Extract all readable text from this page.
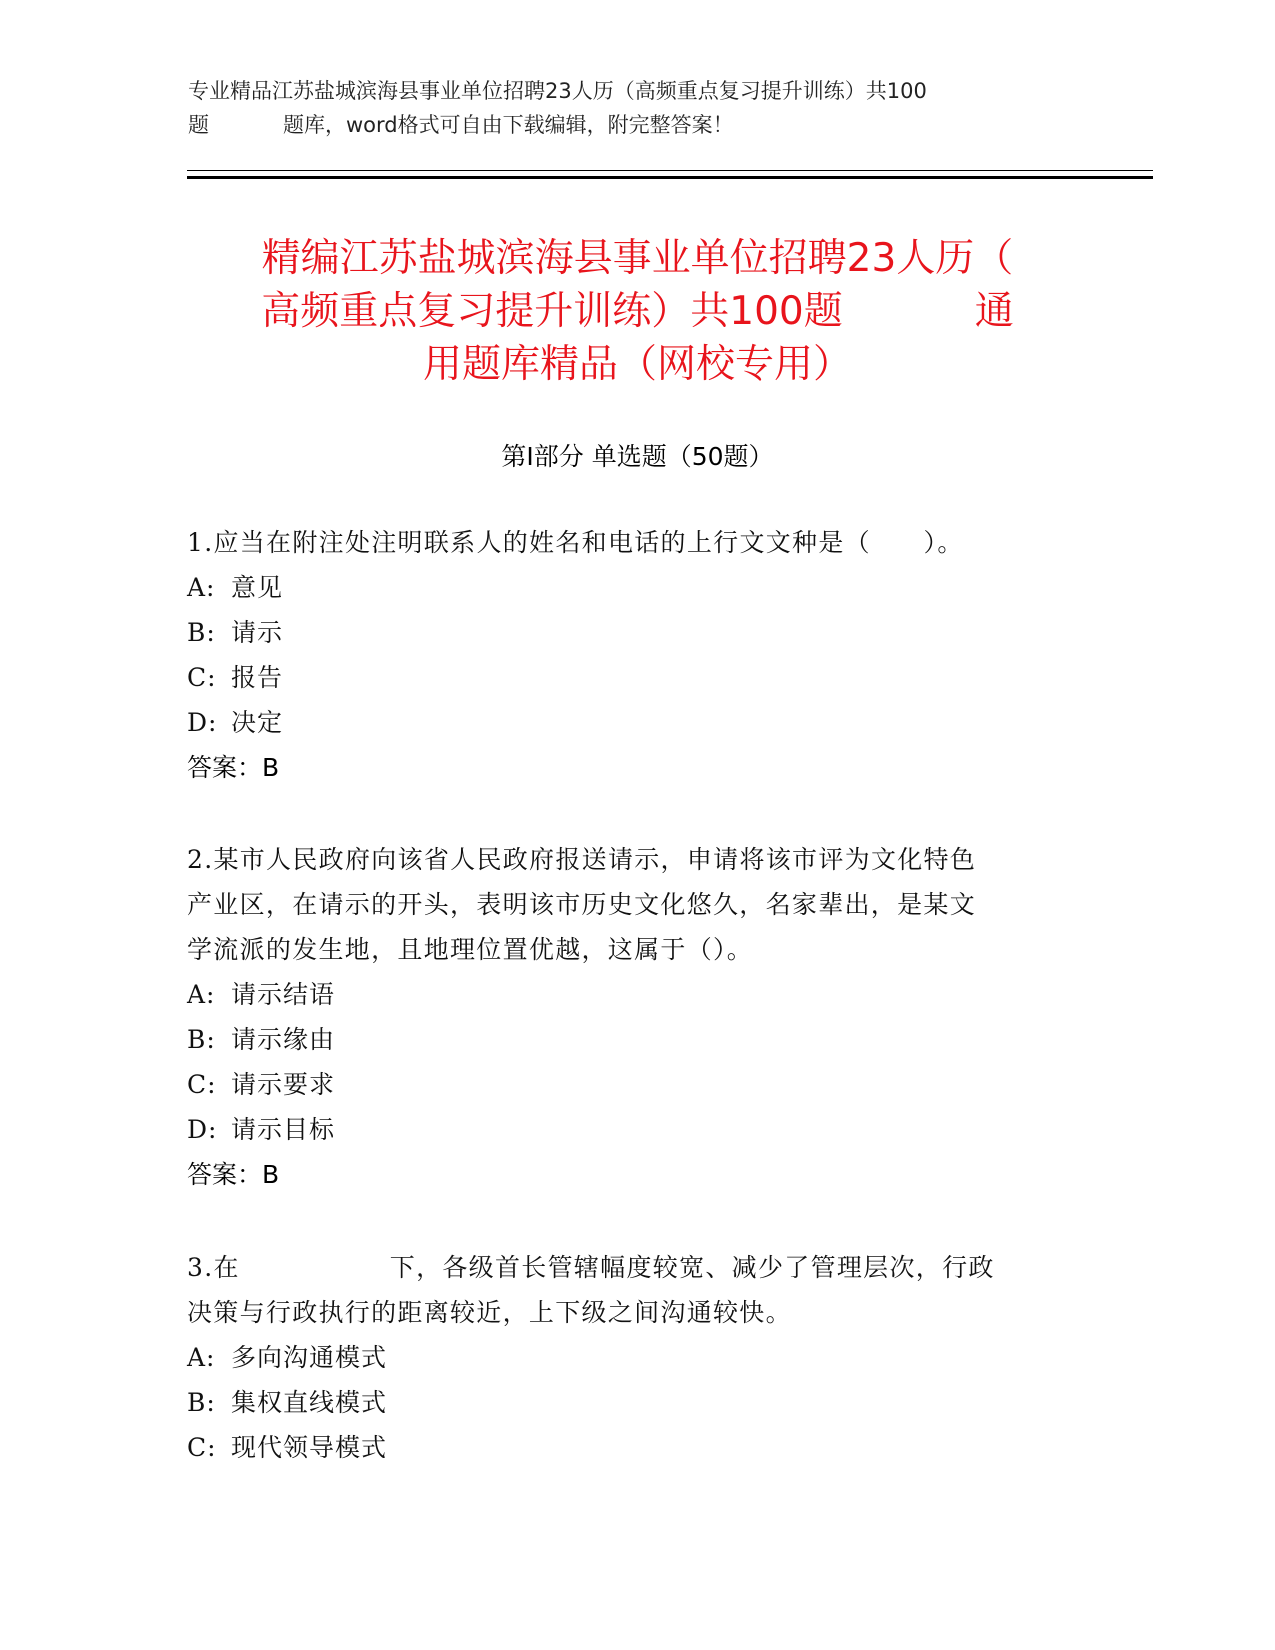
专业精品江苏盐城滨海县事业单位招聘23人历（高频重点复习提升训练）共100
题	题库，word格式可自由下载编辑，附完整答案！
精编江苏盐城滨海县事业单位招聘23人历（
高频重点复习提升训练）共100题	通
用题库精品（网校专用）
第Ⅰ部分 单选题（50题）
1.应当在附注处注明联系人的姓名和电话的上行文文种是（　　）。
A: 意见
B: 请示
C: 报告
D: 决定
答案：B
2.某市人民政府向该省人民政府报送请示，申请将该市评为文化特色
产业区，在请示的开头，表明该市历史文化悠久，名家辈出，是某文
学流派的发生地，且地理位置优越，这属于（）。
A: 请示结语
B: 请示缘由
C: 请示要求
D: 请示目标
答案：B
3.在	下，各级首长管辖幅度较宽、减少了管理层次，行政
决策与行政执行的距离较近，上下级之间沟通较快。
A: 多向沟通模式
B: 集权直线模式
C: 现代领导模式
